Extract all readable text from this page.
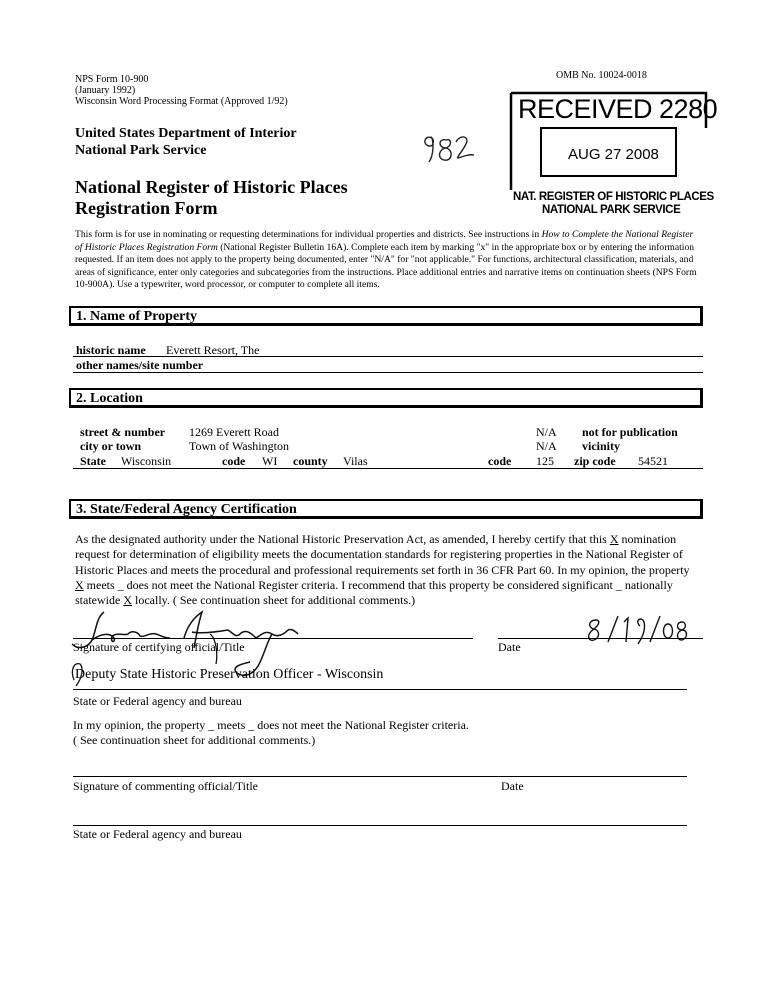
NPS Form 10-900
(January 1992)
Wisconsin Word Processing Format (Approved 1/92)
OMB No. 10024-0018
United States Department of Interior
National Park Service
RECEIVED 2280
AUG 27 2008
NAT. REGISTER OF HISTORIC PLACES
NATIONAL PARK SERVICE
National Register of Historic Places
Registration Form
This form is for use in nominating or requesting determinations for individual properties and districts. See instructions in How to Complete the National Register of Historic Places Registration Form (National Register Bulletin 16A). Complete each item by marking "x" in the appropriate box or by entering the information requested. If an item does not apply to the property being documented, enter "N/A" for "not applicable." For functions, architectural classification, materials, and areas of significance, enter only categories and subcategories from the instructions. Place additional entries and narrative items on continuation sheets (NPS Form 10-900A). Use a typewriter, word processor, or computer to complete all items.
1. Name of Property
historic name Everett Resort, The
other names/site number
2. Location
street & number 1269 Everett Road	N/A not for publication
city or town	Town of Washington	N/A vicinity
State Wisconsin	code WI county Vilas	code 125 zip code 54521
3. State/Federal Agency Certification
As the designated authority under the National Historic Preservation Act, as amended, I hereby certify that this X nomination request for determination of eligibility meets the documentation standards for registering properties in the National Register of Historic Places and meets the procedural and professional requirements set forth in 36 CFR Part 60. In my opinion, the property X meets _ does not meet the National Register criteria. I recommend that this property be considered significant _ nationally statewide X locally. ( See continuation sheet for additional comments.)
Signature of certifying official/Title	Date
Deputy State Historic Preservation Officer - Wisconsin
State or Federal agency and bureau
In my opinion, the property _ meets _ does not meet the National Register criteria.
( See continuation sheet for additional comments.)
Signature of commenting official/Title	Date
State or Federal agency and bureau
